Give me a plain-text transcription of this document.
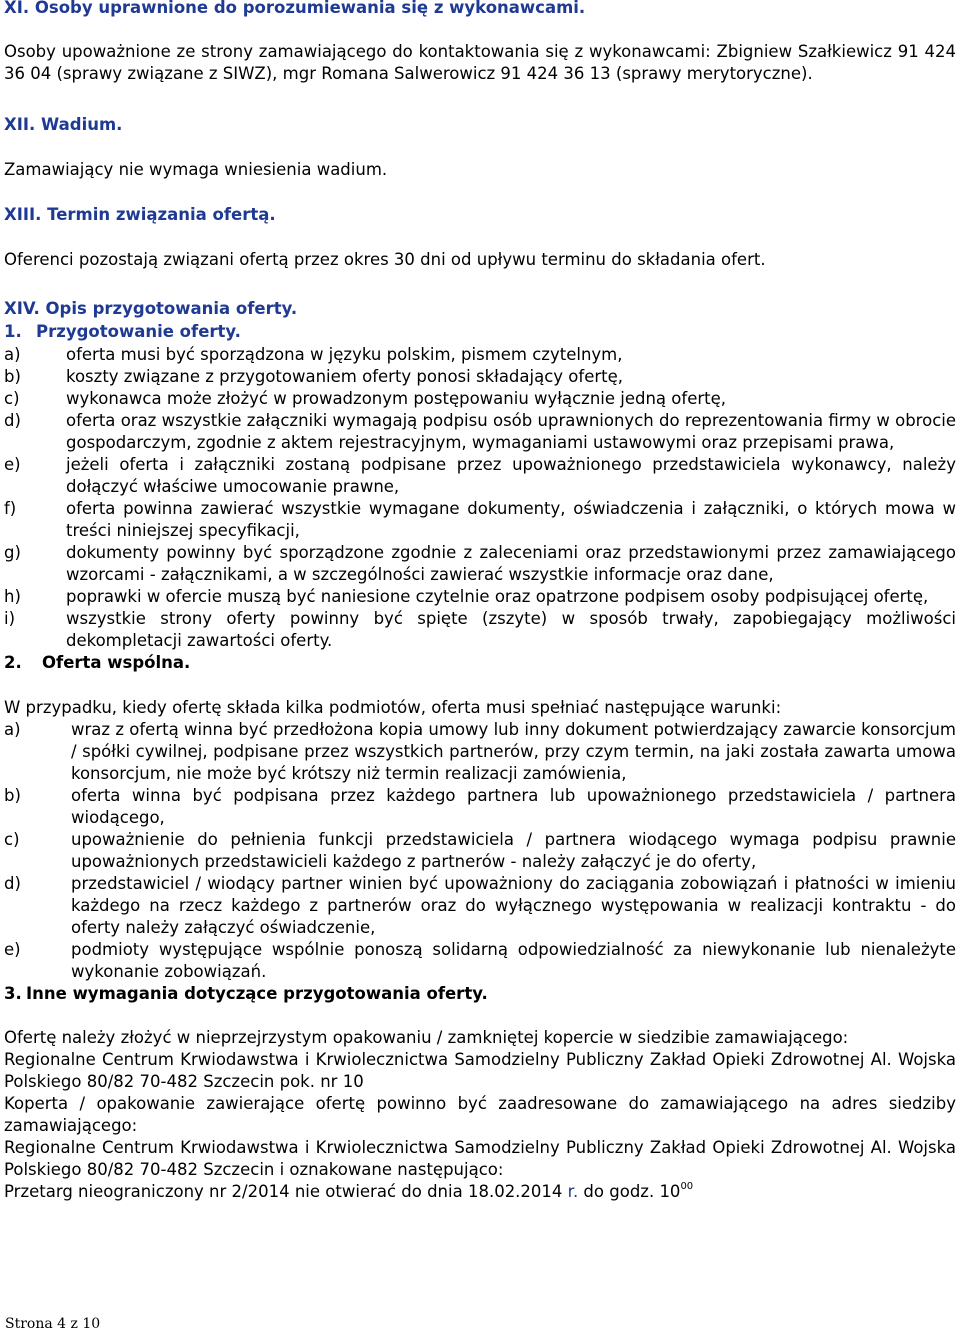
XI. Osoby uprawnione do porozumiewania się z wykonawcami.

Osoby upoważnione ze strony zamawiającego do kontaktowania się z wykonawcami: Zbigniew Szałkiewicz 91 424 36 04 (sprawy związane z SIWZ), mgr Romana Salwerowicz 91 424 36 13 (sprawy merytoryczne).

XII. Wadium.

Zamawiający nie wymaga wniesienia wadium.

XIII. Termin związania ofertą.

Oferenci pozostają związani ofertą przez okres 30 dni od upływu terminu do składania ofert.

XIV. Opis przygotowania oferty.

1. Przygotowanie oferty.
a)	oferta musi być sporządzona w języku polskim, pismem czytelnym,
b)	koszty związane z przygotowaniem oferty ponosi składający ofertę,
c)	wykonawca może złożyć w prowadzonym postępowaniu wyłącznie jedną ofertę,
d)	oferta oraz wszystkie załączniki wymagają podpisu osób uprawnionych do reprezentowania firmy w obrocie gospodarczym, zgodnie z aktem rejestracyjnym, wymaganiami ustawowymi oraz przepisami prawa,
e)	jeżeli oferta i załączniki zostaną podpisane przez upoważnionego przedstawiciela wykonawcy, należy dołączyć właściwe umocowanie prawne,
f)	oferta powinna zawierać wszystkie wymagane dokumenty, oświadczenia i załączniki, o których mowa w treści niniejszej specyfikacji,
g)	dokumenty powinny być sporządzone zgodnie z zaleceniami oraz przedstawionymi przez zamawiającego wzorcami - załącznikami, a w szczególności zawierać wszystkie informacje oraz dane,
h)	poprawki w ofercie muszą być naniesione czytelnie oraz opatrzone podpisem osoby podpisującej ofertę,
i)	wszystkie strony oferty powinny być spięte (zszyte) w sposób trwały, zapobiegający możliwości dekompletacji zawartości oferty.
2.	Oferta wspólna.

W przypadku, kiedy ofertę składa kilka podmiotów, oferta musi spełniać następujące warunki:

a)	wraz z ofertą winna być przedłożona kopia umowy lub inny dokument potwierdzający zawarcie konsorcjum / spółki cywilnej, podpisane przez wszystkich partnerów, przy czym termin, na jaki została zawarta umowa konsorcjum, nie może być krótszy niż termin realizacji zamówienia,
b)	oferta winna być podpisana przez każdego partnera lub upoważnionego przedstawiciela / partnera wiodącego,
c)	upoważnienie do pełnienia funkcji przedstawiciela / partnera wiodącego wymaga podpisu prawnie upoważnionych przedstawicieli każdego z partnerów - należy załączyć je do oferty,
d)	przedstawiciel / wiodący partner winien być upoważniony do zaciągania zobowiązań i płatności w imieniu każdego na rzecz każdego z partnerów oraz do wyłącznego występowania w realizacji kontraktu - do oferty należy załączyć oświadczenie,
e)	podmioty występujące wspólnie ponoszą solidarną odpowiedzialność za niewykonanie lub nienależyte wykonanie zobowiązań.
3. Inne wymagania dotyczące przygotowania oferty.

Ofertę należy złożyć w nieprzejrzystym opakowaniu / zamkniętej kopercie w siedzibie zamawiającego:

Regionalne Centrum Krwiodawstwa i Krwiolecznictwa Samodzielny Publiczny Zakład Opieki Zdrowotnej Al. Wojska Polskiego 80/82 70-482 Szczecin pok. nr 10

Koperta / opakowanie zawierające ofertę powinno być zaadresowane do zamawiającego na adres siedziby zamawiającego:

Regionalne Centrum Krwiodawstwa i Krwiolecznictwa Samodzielny Publiczny Zakład Opieki Zdrowotnej Al. Wojska Polskiego 80/82 70-482 Szczecin i oznakowane następująco:

Przetarg nieograniczony nr 2/2014 nie otwierać do dnia 18.02.2014 r. do godz. $10^{00}$

Strona 4 z 10
